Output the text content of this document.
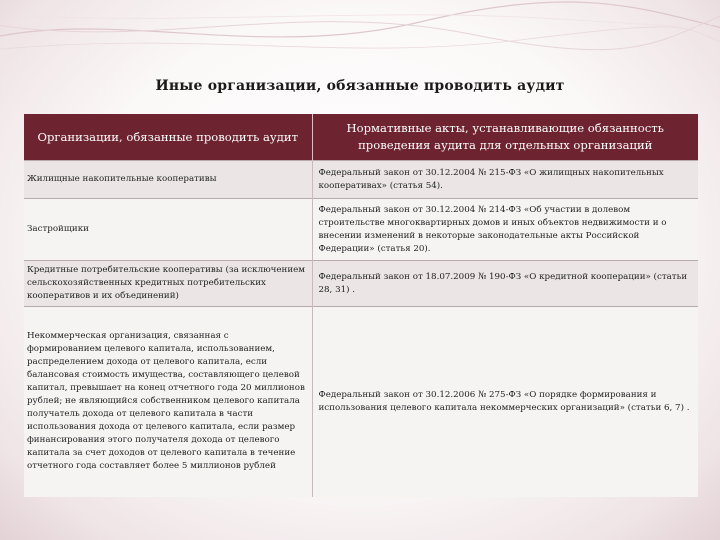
Иные организации, обязанные проводить аудит
Организации, обязанные проводить аудит	Нормативные акты, устанавливающие обязанность проведения аудита для отдельных организаций
Жилищные накопительные кооперативы	Федеральный закон от 30.12.2004 № 215-ФЗ «О жилищных накопительных кооперативах» (статья 54).
Застройщики	Федеральный закон от 30.12.2004 № 214-ФЗ «Об участии в долевом строительстве многоквартирных домов и иных объектов недвижимости и о внесении изменений в некоторые законодательные акты Российской Федерации» (статья 20).
Кредитные потребительские кооперативы (за исключением сельскохозяйственных кредитных потребительских кооперативов и их объединений)	Федеральный закон от 18.07.2009 № 190-ФЗ «О кредитной кооперации» (статьи 28, 31) .
Некоммерческая организация, связанная с формированием целевого капитала, использованием, распределением дохода от целевого капитала, если балансовая стоимость имущества, составляющего целевой капитал, превышает на конец отчетного года 20 миллионов рублей; не являющийся собственником целевого капитала получатель дохода от целевого капитала в части использования дохода от целевого капитала, если размер финансирования этого получателя дохода от целевого капитала за счет доходов от целевого капитала в течение отчетного года составляет более 5 миллионов рублей	Федеральный закон от 30.12.2006 № 275-ФЗ «О порядке формирования и использования целевого капитала некоммерческих организаций» (статьи 6, 7) .
